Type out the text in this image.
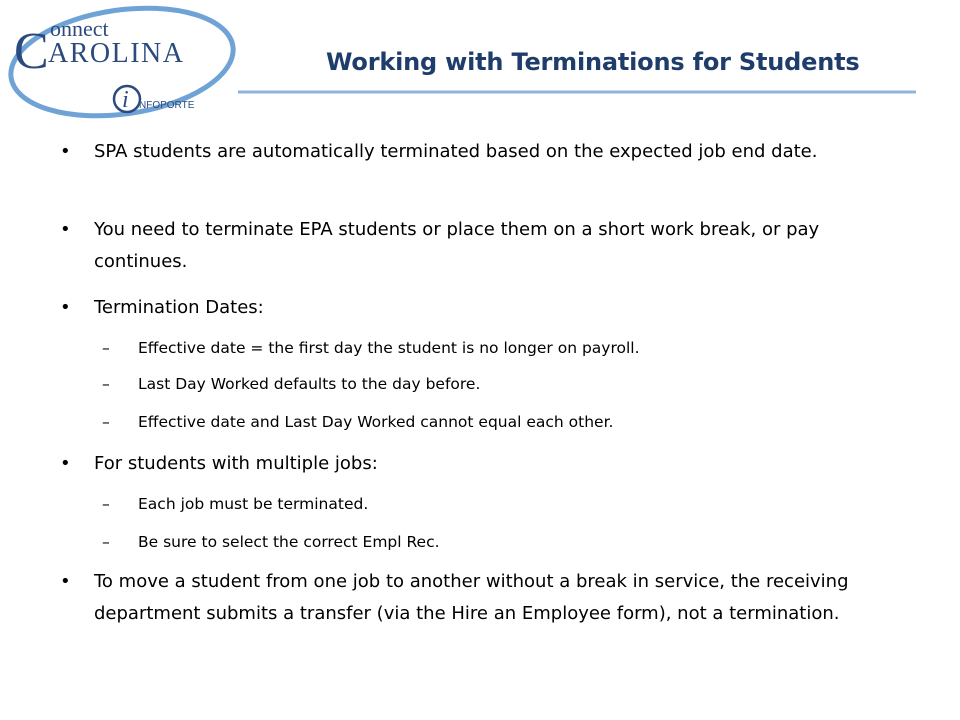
C onnect
AROLINA
i NFOPORTE
Working with Terminations for Students
• SPA students are automatically terminated based on the expected job end date.
• You need to terminate EPA students or place them on a short work break, or pay continues.
• Termination Dates:
– Effective date = the first day the student is no longer on payroll.
– Last Day Worked defaults to the day before.
– Effective date and Last Day Worked cannot equal each other.
• For students with multiple jobs:
– Each job must be terminated.
– Be sure to select the correct Empl Rec.
• To move a student from one job to another without a break in service, the receiving department submits a transfer (via the Hire an Employee form), not a termination.
